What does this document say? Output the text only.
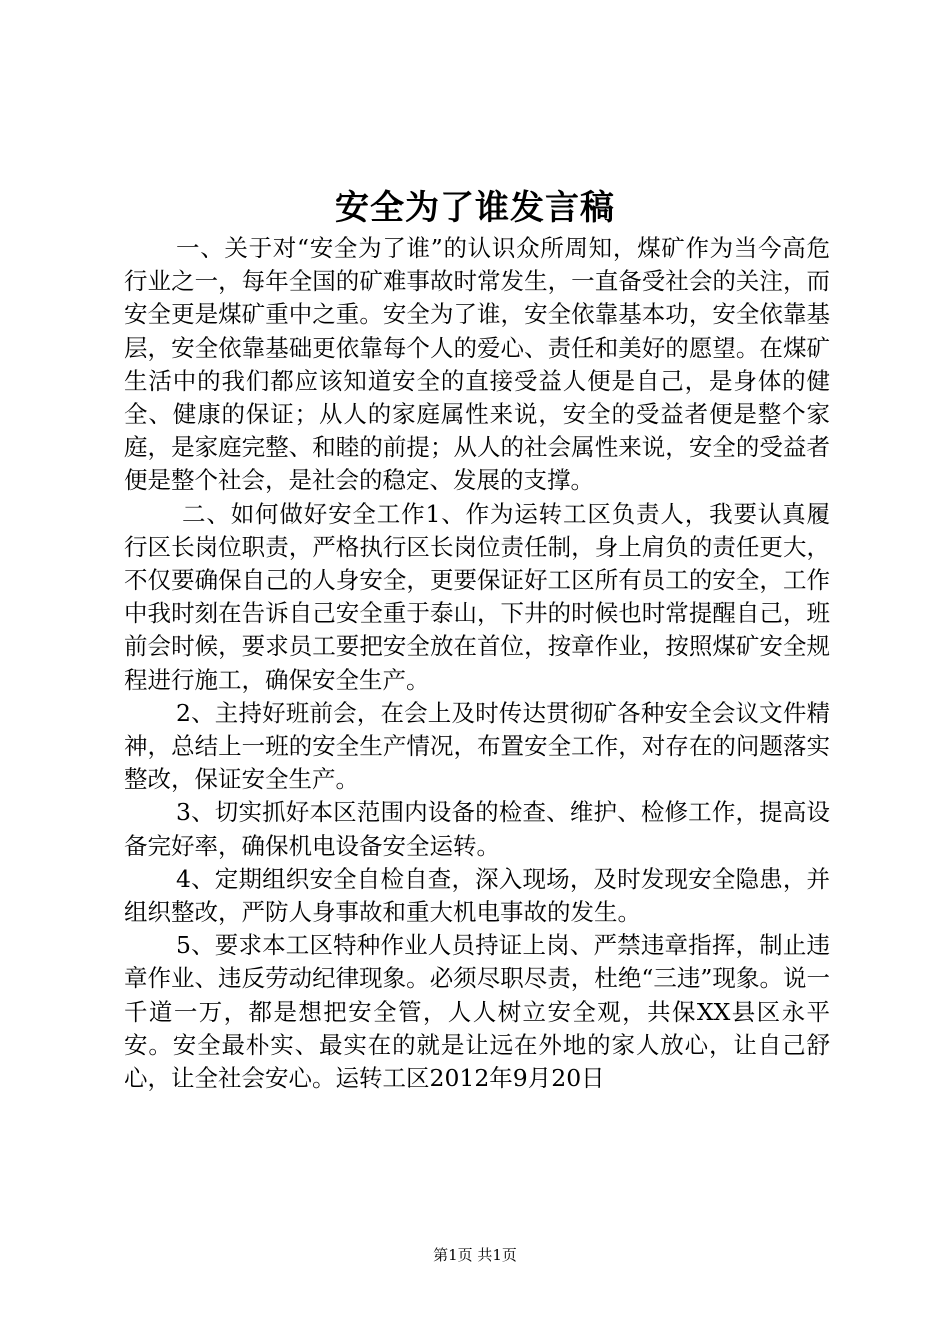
安全为了谁发言稿

一、关于对“安全为了谁”的认识众所周知，煤矿作为当今高危行业之一，每年全国的矿难事故时常发生，一直备受社会的关注，而安全更是煤矿重中之重。安全为了谁，安全依靠基本功，安全依靠基层，安全依靠基础更依靠每个人的爱心、责任和美好的愿望。在煤矿生活中的我们都应该知道安全的直接受益人便是自己，是身体的健全、健康的保证；从人的家庭属性来说，安全的受益者便是整个家庭，是家庭完整、和睦的前提；从人的社会属性来说，安全的受益者便是整个社会，是社会的稳定、发展的支撑。

二、如何做好安全工作1、作为运转工区负责人，我要认真履行区长岗位职责，严格执行区长岗位责任制，身上肩负的责任更大，不仅要确保自己的人身安全，更要保证好工区所有员工的安全，工作中我时刻在告诉自己安全重于泰山，下井的时候也时常提醒自己，班前会时候，要求员工要把安全放在首位，按章作业，按照煤矿安全规程进行施工，确保安全生产。

2、主持好班前会，在会上及时传达贯彻矿各种安全会议文件精神，总结上一班的安全生产情况，布置安全工作，对存在的问题落实整改，保证安全生产。

3、切实抓好本区范围内设备的检查、维护、检修工作，提高设备完好率，确保机电设备安全运转。

4、定期组织安全自检自查，深入现场，及时发现安全隐患，并组织整改，严防人身事故和重大机电事故的发生。

5、要求本工区特种作业人员持证上岗、严禁违章指挥，制止违章作业、违反劳动纪律现象。必须尽职尽责，杜绝“三违”现象。说一千道一万，都是想把安全管，人人树立安全观，共保XX县区永平安。安全最朴实、最实在的就是让远在外地的家人放心，让自己舒心，让全社会安心。运转工区2012年9月20日

第1页 共1页
